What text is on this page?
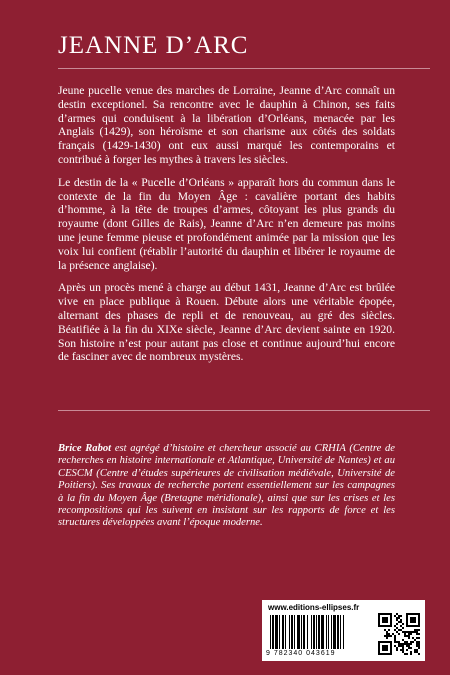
JEANNE D’ARC

Jeune pucelle venue des marches de Lorraine, Jeanne d’Arc connaît un destin exceptionel. Sa rencontre avec le dauphin à Chinon, ses faits d’armes qui conduisent à la libération d’Orléans, menacée par les Anglais (1429), son héroïsme et son charisme aux côtés des soldats français (1429-1430) ont eux aussi marqué les contemporains et contribué à forger les mythes à travers les siècles.

Le destin de la « Pucelle d’Orléans » apparaît hors du commun dans le contexte de la fin du Moyen Âge : cavalière portant des habits d’homme, à la tête de troupes d’armes, côtoyant les plus grands du royaume (dont Gilles de Rais), Jeanne d’Arc n’en demeure pas moins une jeune femme pieuse et profondément animée par la mission que les voix lui confient (rétablir l’autorité du dauphin et libérer le royaume de la présence anglaise).

Après un procès mené à charge au début 1431, Jeanne d’Arc est brûlée vive en place publique à Rouen. Débute alors une véritable épopée, alternant des phases de repli et de renouveau, au gré des siècles. Béatifiée à la fin du XIXe siècle, Jeanne d’Arc devient sainte en 1920. Son histoire n’est pour autant pas close et continue aujourd’hui encore de fasciner avec de nombreux mystères.

Brice Rabot est agrégé d’histoire et chercheur associé au CRHIA (Centre de recherches en histoire internationale et Atlantique, Université de Nantes) et au CESCM (Centre d’études supérieures de civilisation médiévale, Université de Poitiers). Ses travaux de recherche portent essentiellement sur les campagnes à la fin du Moyen Âge (Bretagne méridionale), ainsi que sur les crises et les recompositions qui les suivent en insistant sur les rapports de force et les structures développées avant l’époque moderne.
www.editions-ellipses.fr
9 782340 043619
